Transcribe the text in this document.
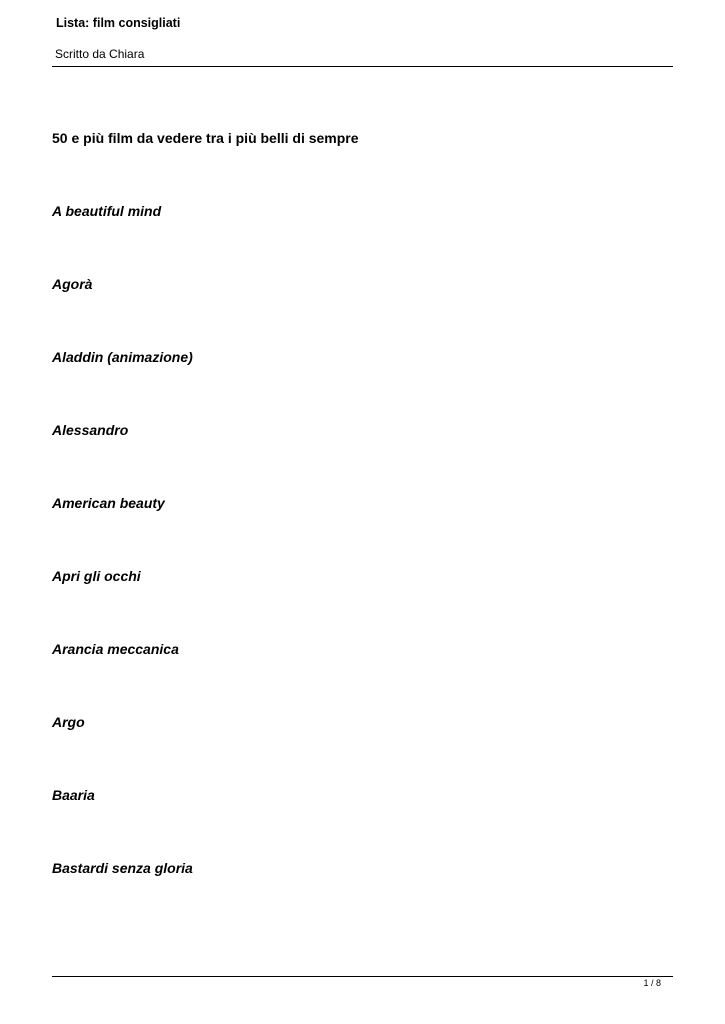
Lista: film consigliati
Scritto da Chiara
50 e più film da vedere tra i più belli di sempre
A beautiful mind
Agorà
Aladdin (animazione)
Alessandro
American beauty
Apri gli occhi
Arancia meccanica
Argo
Baaria
Bastardi senza gloria
1 / 8
